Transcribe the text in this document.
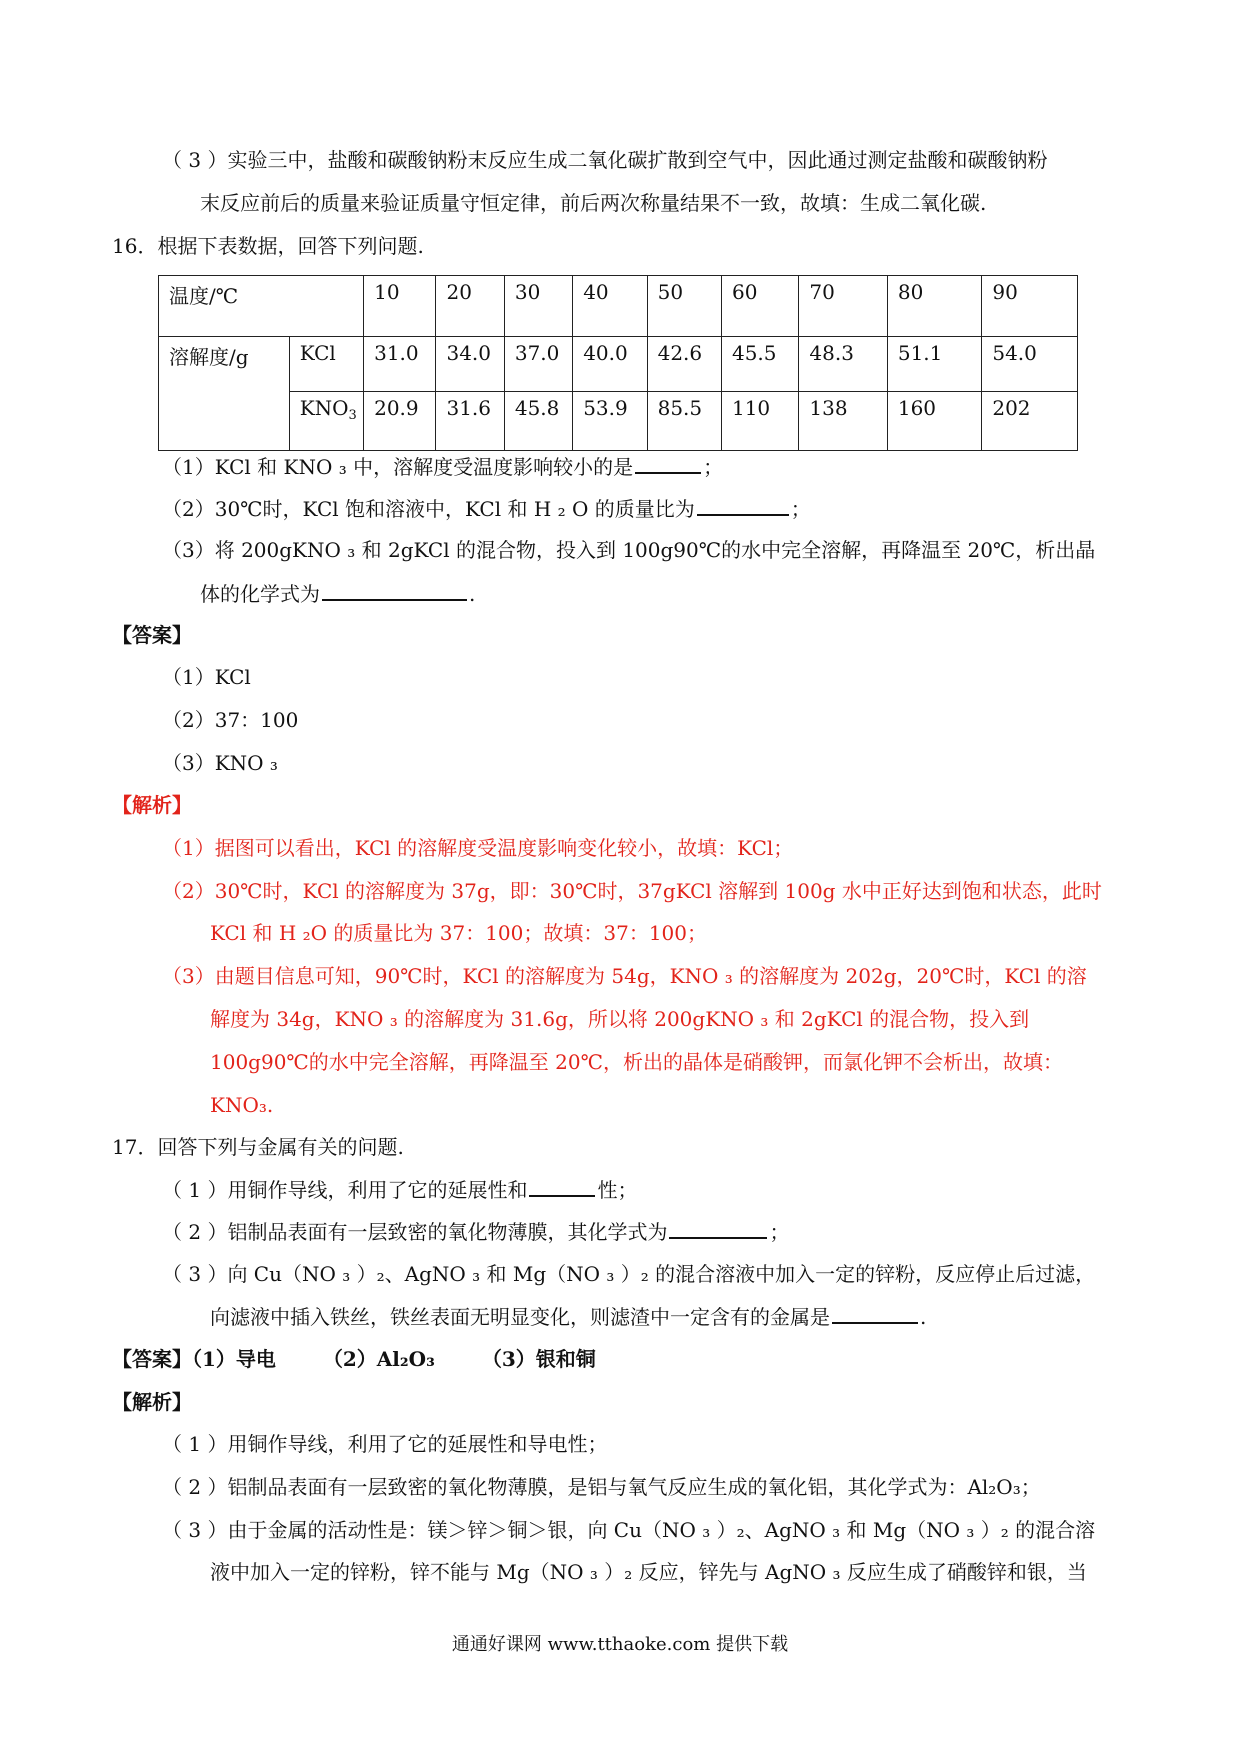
（ 3 ）实验三中，盐酸和碳酸钠粉末反应生成二氧化碳扩散到空气中，因此通过测定盐酸和碳酸钠粉
末反应前后的质量来验证质量守恒定律，前后两次称量结果不一致，故填：生成二氧化碳.
16．根据下表数据，回答下列问题.
温度/℃		10	20	30	40	50	60	70	80	90
溶解度/g	KCl	31.0	34.0	37.0	40.0	42.6	45.5	48.3	51.1	54.0
	$KNO_3$	20.9	31.6	45.8	53.9	85.5	110	138	160	202
（1）KCl 和 KNO ₃ 中，溶解度受温度影响较小的是	；
（2）30℃时，KCl 饱和溶液中，KCl 和 H ₂ O 的质量比为	；
（3）将 200gKNO ₃ 和 2gKCl 的混合物，投入到 100g90℃的水中完全溶解，再降温至 20℃，析出晶
体的化学式为	.
【答案】
（1）KCl
（2）37：100
（3）KNO ₃
【解析】
（1）据图可以看出，KCl 的溶解度受温度影响变化较小，故填：KCl；
（2）30℃时，KCl 的溶解度为 37g，即：30℃时，37gKCl 溶解到 100g 水中正好达到饱和状态，此时
KCl 和 H ₂O 的质量比为 37：100；故填：37：100；
（3）由题目信息可知，90℃时，KCl 的溶解度为 54g，KNO ₃ 的溶解度为 202g，20℃时，KCl 的溶
解度为 34g，KNO ₃ 的溶解度为 31.6g，所以将 200gKNO ₃ 和 2gKCl 的混合物，投入到
100g90℃的水中完全溶解，再降温至 20℃，析出的晶体是硝酸钾，而氯化钾不会析出，故填：
KNO₃.
17．回答下列与金属有关的问题.
（ 1 ）用铜作导线，利用了它的延展性和	性；
（ 2 ）铝制品表面有一层致密的氧化物薄膜，其化学式为	；
（ 3 ）向 Cu（NO ₃ ）₂、AgNO ₃ 和 Mg（NO ₃ ）₂ 的混合溶液中加入一定的锌粉，反应停止后过滤，
向滤液中插入铁丝，铁丝表面无明显变化，则滤渣中一定含有的金属是	.
【答案】（1）导电　　 （2）Al₂O₃　　 （3）银和铜
【解析】
（ 1 ）用铜作导线，利用了它的延展性和导电性；
（ 2 ）铝制品表面有一层致密的氧化物薄膜，是铝与氧气反应生成的氧化铝，其化学式为：Al₂O₃；
（ 3 ）由于金属的活动性是：镁＞锌＞铜＞银，向 Cu（NO ₃ ）₂、AgNO ₃ 和 Mg（NO ₃ ）₂ 的混合溶
液中加入一定的锌粉，锌不能与 Mg（NO ₃ ）₂ 反应，锌先与 AgNO ₃ 反应生成了硝酸锌和银，当
通通好课网 www.tthaoke.com 提供下载
